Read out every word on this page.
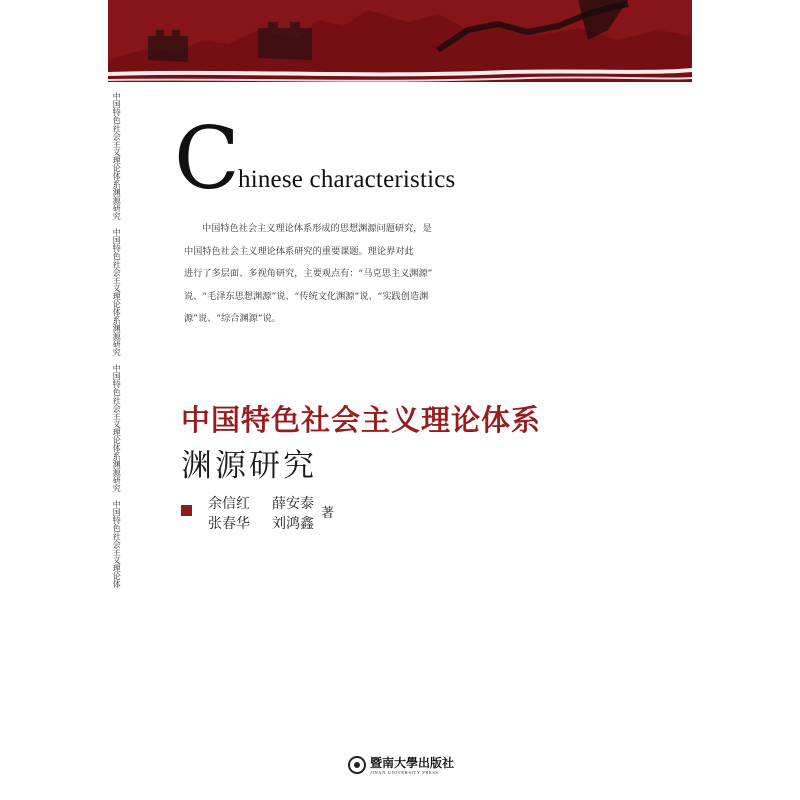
中国特色社会主义理论体系渊源研究　中国特色社会主义理论体系渊源研究　中国特色社会主义理论体系渊源研究　中国特色社会主义理论体 C
hinese characteristics

中国特色社会主义理论体系形成的思想渊源问题研究，是

中国特色社会主义理论体系研究的重要课题。理论界对此

进行了多层面、多视角研究，主要观点有：“马克思主义渊源”

说、“毛泽东思想渊源”说、“传统文化渊源”说、“实践创造渊

源”说、“综合渊源”说。

中国特色社会主义理论体系
渊源研究
余信红 薛安泰
张春华 刘鸿鑫
著
暨南大學出版社
JINAN UNIVERSITY PRESS
